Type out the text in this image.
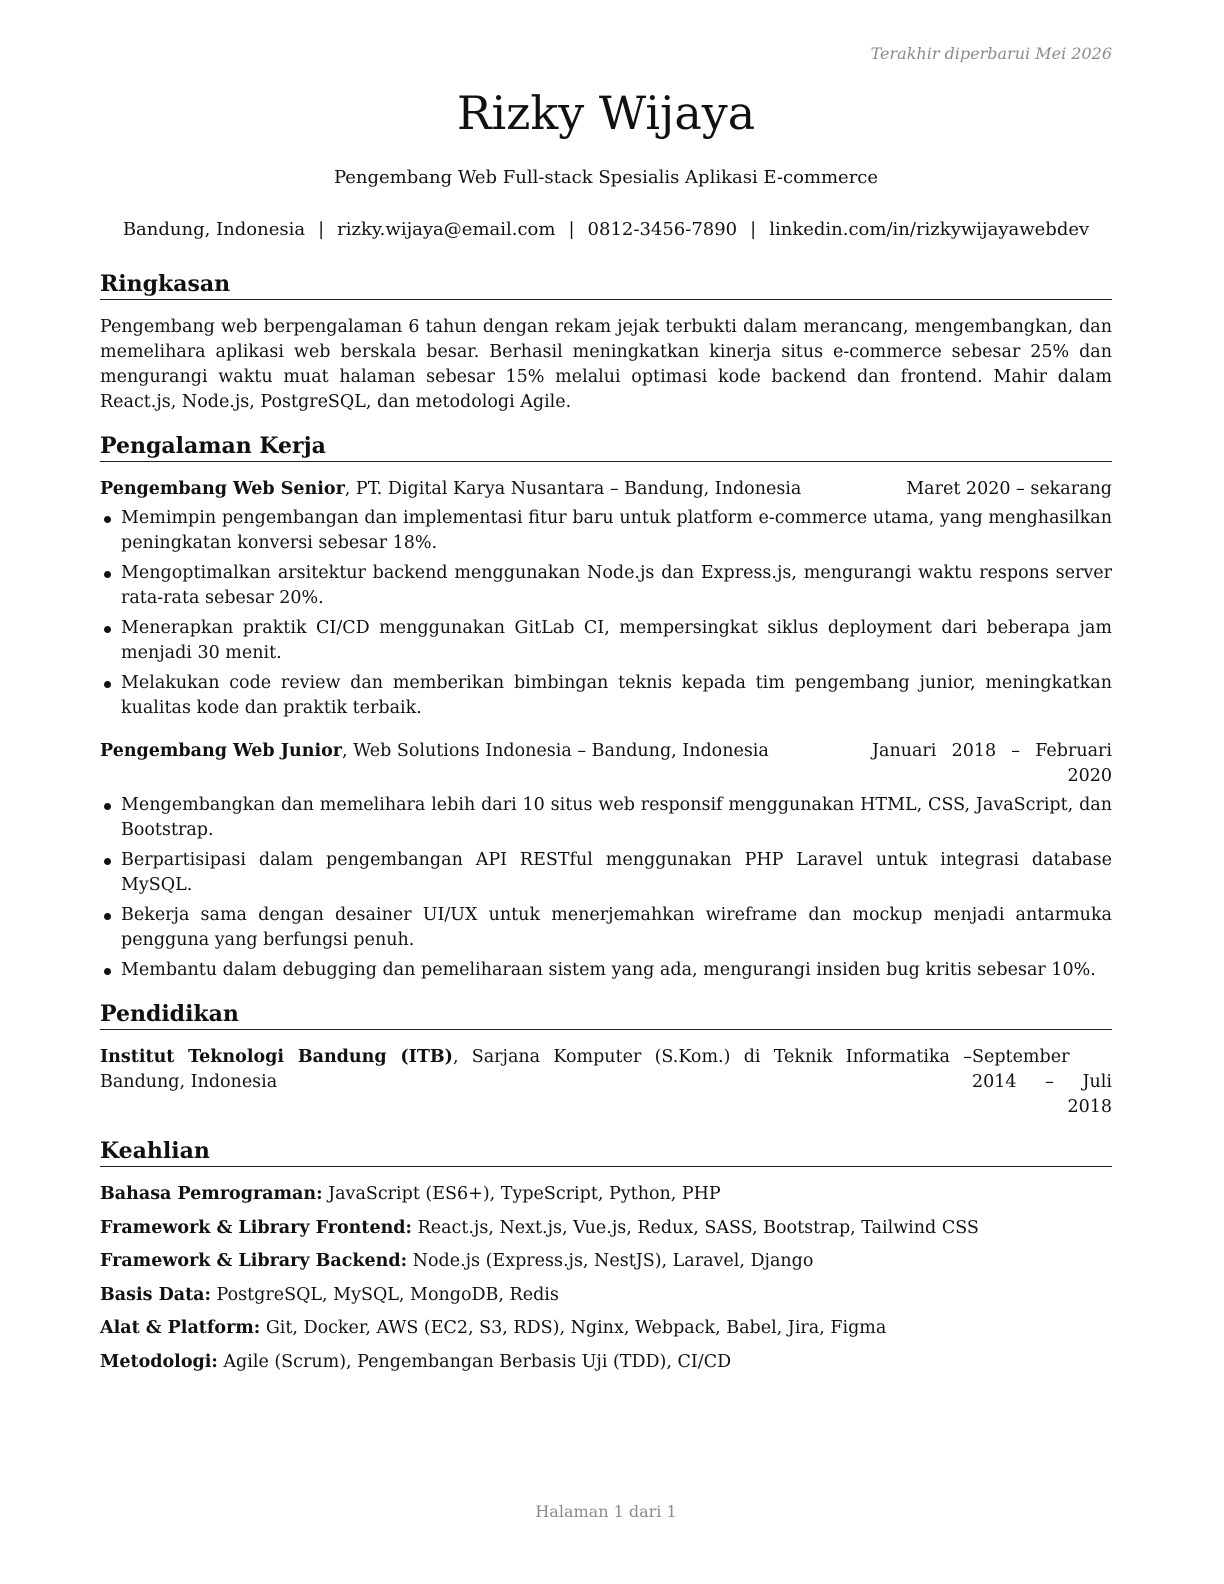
Terakhir diperbarui Mei 2026
Rizky Wijaya
Pengembang Web Full-stack Spesialis Aplikasi E-commerce
Bandung, Indonesia | rizky.wijaya@email.com | 0812-3456-7890 | linkedin.com/in/rizkywijayawebdev
Ringkasan

Pengembang web berpengalaman 6 tahun dengan rekam jejak terbukti dalam merancang, mengembangkan, dan memelihara aplikasi web berskala besar. Berhasil meningkatkan kinerja situs e-commerce sebesar 25% dan mengurangi waktu muat halaman sebesar 15% melalui optimasi kode backend dan frontend. Mahir dalam React.js, Node.js, PostgreSQL, dan metodologi Agile.

Pengalaman Kerja
Pengembang Web Senior, PT. Digital Karya Nusantara – Bandung, Indonesia	Maret 2020 – sekarang
Memimpin pengembangan dan implementasi fitur baru untuk platform e-commerce utama, yang menghasilkan peningkatan konversi sebesar 18%.
Mengoptimalkan arsitektur backend menggunakan Node.js dan Express.js, mengurangi waktu respons server rata-rata sebesar 20%.
Menerapkan praktik CI/CD menggunakan GitLab CI, mempersingkat siklus deployment dari beberapa jam menjadi 30 menit.
Melakukan code review dan memberikan bimbingan teknis kepada tim pengembang junior, meningkatkan kualitas kode dan praktik terbaik.
Pengembang Web Junior, Web Solutions Indonesia – Bandung, Indonesia	Januari 2018 – Februari 2020
Mengembangkan dan memelihara lebih dari 10 situs web responsif menggunakan HTML, CSS, JavaScript, dan Bootstrap.
Berpartisipasi dalam pengembangan API RESTful menggunakan PHP Laravel untuk integrasi database MySQL.
Bekerja sama dengan desainer UI/UX untuk menerjemahkan wireframe dan mockup menjadi antarmuka pengguna yang berfungsi penuh.
Membantu dalam debugging dan pemeliharaan sistem yang ada, mengurangi insiden bug kritis sebesar 10%.
Pendidikan
Institut Teknologi Bandung (ITB), Sarjana Komputer (S.Kom.) di Teknik Informatika – Bandung, Indonesia
September 2014 – Juli 2018
Keahlian
Bahasa Pemrograman: JavaScript (ES6+), TypeScript, Python, PHP
Framework & Library Frontend: React.js, Next.js, Vue.js, Redux, SASS, Bootstrap, Tailwind CSS
Framework & Library Backend: Node.js (Express.js, NestJS), Laravel, Django
Basis Data: PostgreSQL, MySQL, MongoDB, Redis
Alat & Platform: Git, Docker, AWS (EC2, S3, RDS), Nginx, Webpack, Babel, Jira, Figma
Metodologi: Agile (Scrum), Pengembangan Berbasis Uji (TDD), CI/CD
Halaman 1 dari 1
